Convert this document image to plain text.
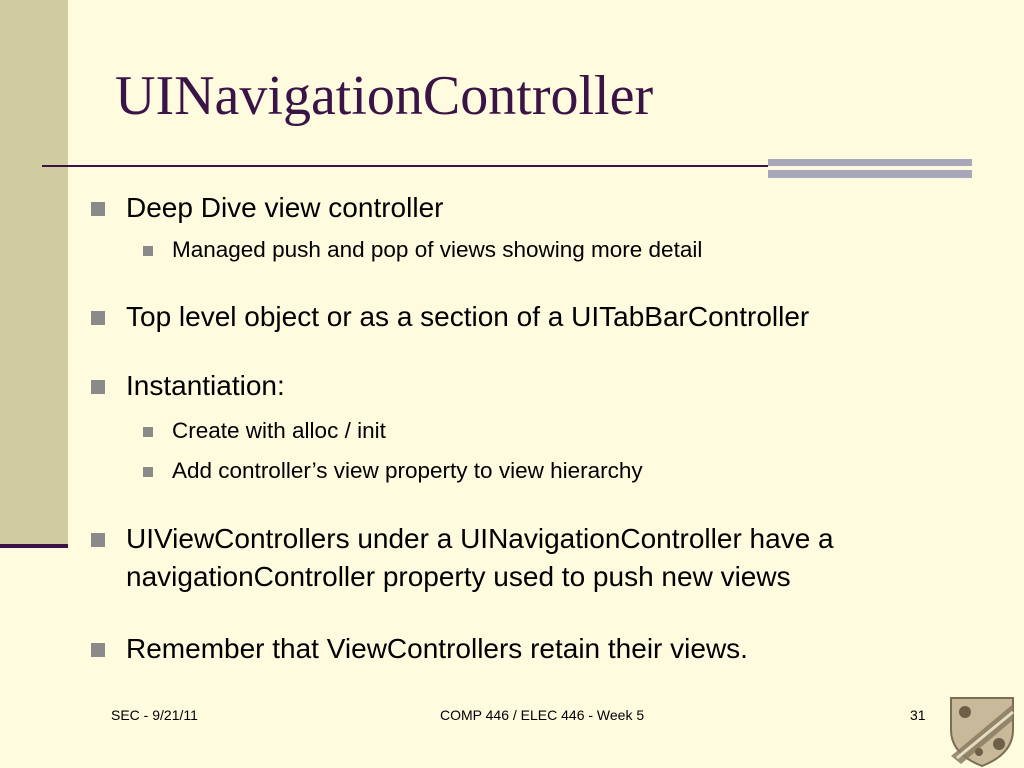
UINavigationController

Deep Dive view controller

Managed push and pop of views showing more detail

Top level object or as a section of a UITabBarController

Instantiation:

Create with alloc / init

Add controller’s view property to view hierarchy

UIViewControllers under a UINavigationController have a navigationController property used to push new views

Remember that ViewControllers retain their views.

SEC - 9/21/11	COMP 446 / ELEC 446 - Week 5	31
